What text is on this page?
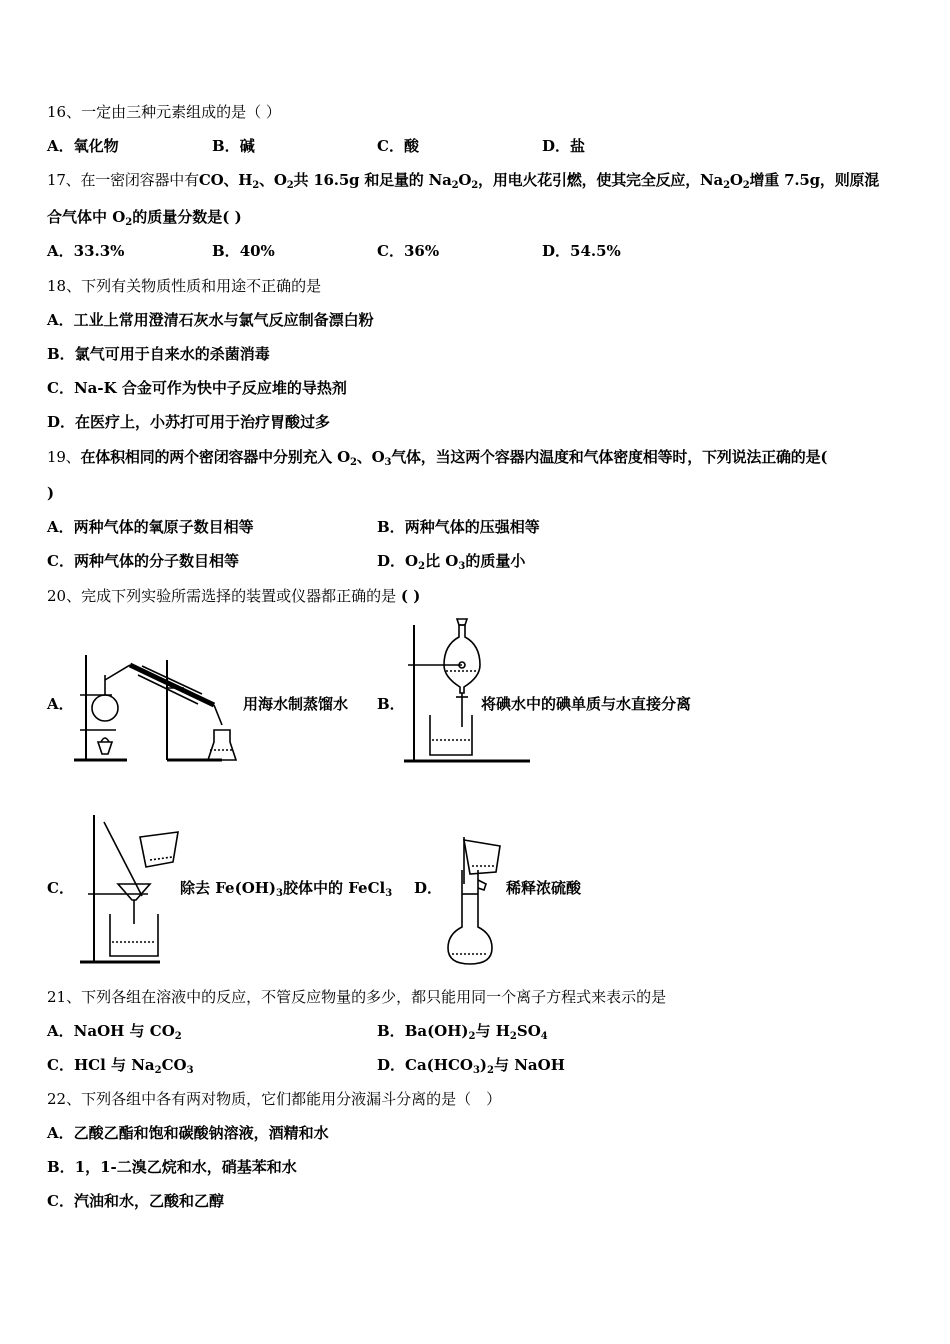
16、一定由三种元素组成的是（ ）
A．氧化物	B．碱	C．酸	D．盐
17、在一密闭容器中有CO、$H_2$、$O_2$共 16.5g 和足量的 $Na_2O_2$，用电火花引燃，使其完全反应，$Na_2O_2$增重 7.5g，则原混
合气体中 $O_2$的质量分数是( )
A．33.3%	B．40%	C．36%	D．54.5%
18、下列有关物质性质和用途不正确的是
A．工业上常用澄清石灰水与氯气反应制备漂白粉
B．氯气可用于自来水的杀菌消毒
C．Na-K 合金可作为快中子反应堆的导热剂
D．在医疗上，小苏打可用于治疗胃酸过多
19、在体积相同的两个密闭容器中分别充入 $O_2$、$O_3$气体，当这两个容器内温度和气体密度相等时，下列说法正确的是(
)
A．两种气体的氧原子数目相等	B．两种气体的压强相等
C．两种气体的分子数目相等	D．$O_2$比 $O_3$的质量小
20、完成下列实验所需选择的装置或仪器都正确的是 ( )
A．	用海水制蒸馏水 B．	将碘水中的碘单质与水直接分离
C．	除去 $Fe(OH)_3$胶体中的 FeCl$_3$ D．	稀释浓硫酸
21、下列各组在溶液中的反应，不管反应物量的多少，都只能用同一个离子方程式来表示的是
A．NaOH 与 $CO_2$	B．$Ba(OH)_2$与 $H_2SO_4$
C．HCl 与 $Na_2CO_3$	D．$Ca(HCO_3)_2$与 NaOH
22、下列各组中各有两对物质，它们都能用分液漏斗分离的是（　）
A．乙酸乙酯和饱和碳酸钠溶液，酒精和水
B．1，1-二溴乙烷和水，硝基苯和水
C．汽油和水，乙酸和乙醇
